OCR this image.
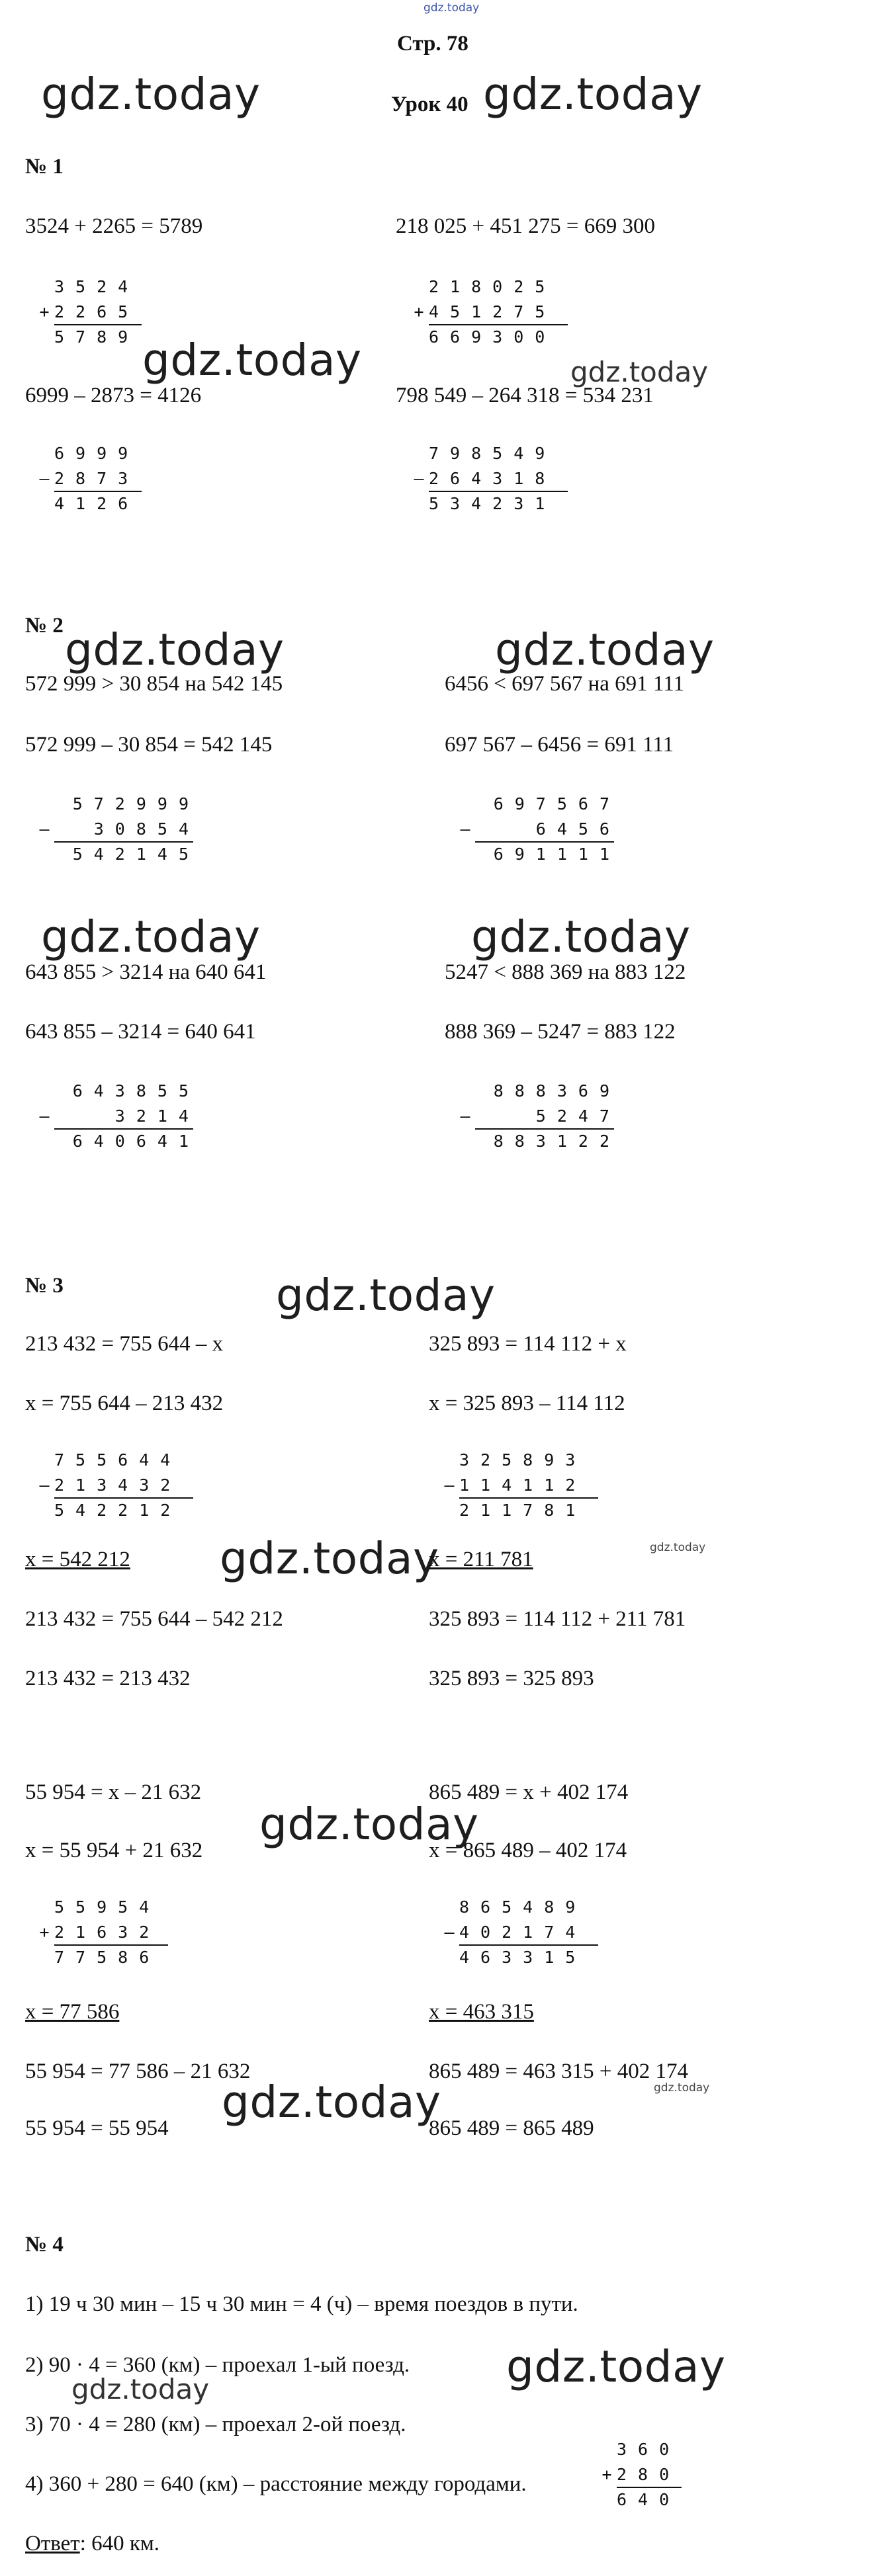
gdz.today
Стр. 78
Урок 40
gdz.today	gdz.today
gdz.today	gdz.today
gdz.today	gdz.today
gdz.today	gdz.today
gdz.today
gdz.today	gdz.today
gdz.today
gdz.today	gdz.today
gdz.today
gdz.today
№ 1
3524 + 2265 = 5789	218 025 + 451 275 = 669 300
3524
+ 2265
5789
218025
+ 451275
669300
6999 – 2873 = 4126	798 549 – 264 318 = 534 231
6999
– 2873
4126
798549
– 264318
534231
№ 2
572 999 > 30 854 на 542 145	6456 < 697 567 на 691 111
572 999 – 30 854 = 542 145	697 567 – 6456 = 691 111
572999
–	30854
542145
697567
–	6456
691111
643 855 > 3214 на 640 641	5247 < 888 369 на 883 122
643 855 – 3214 = 640 641	888 369 – 5247 = 883 122
643855
–	3214
640641
888369
–	5247
883122
№ 3
213 432 = 755 644 – x	325 893 = 114 112 + x
x = 755 644 – 213 432	x = 325 893 – 114 112
755644
– 213432
542212
325893
– 114112
211781
x = 542 212	x = 211 781
213 432 = 755 644 – 542 212	325 893 = 114 112 + 211 781
213 432 = 213 432	325 893 = 325 893
55 954 = x – 21 632	865 489 = x + 402 174
x = 55 954 + 21 632	x = 865 489 – 402 174
55954
+ 21632
77586
865489
– 402174
463315
x = 77 586	x = 463 315
55 954 = 77 586 – 21 632	865 489 = 463 315 + 402 174
55 954 = 55 954	865 489 = 865 489
№ 4
1) 19 ч 30 мин – 15 ч 30 мин = 4 (ч) – время поездов в пути.
2) 90 · 4 = 360 (км) – проехал 1-ый поезд.
3) 70 · 4 = 280 (км) – проехал 2-ой поезд.
4) 360 + 280 = 640 (км) – расстояние между городами.
360
+ 280
640
Ответ: 640 км.
